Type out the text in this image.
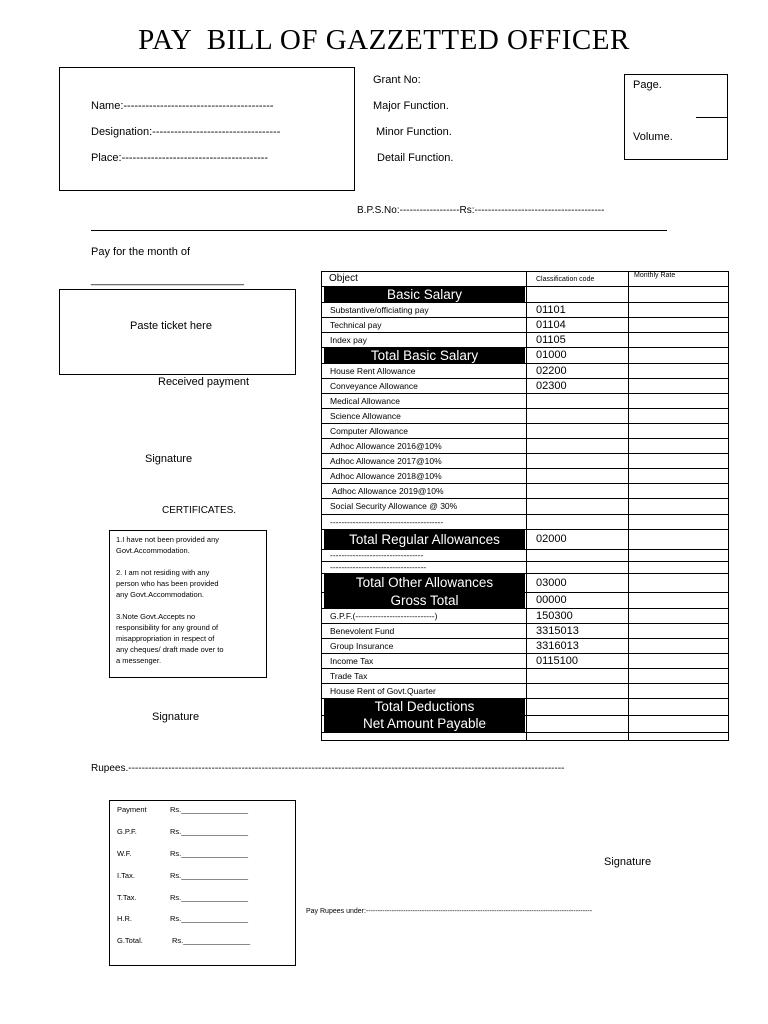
PAY  BILL OF GAZZETTED OFFICER
Name:-----------------------------------------
Designation:-----------------------------------
Place:----------------------------------------
Grant No:
Major Function.
Minor Function.
Detail Function.
Page.
Volume.
B.P.S.No:------------------Rs:---------------------------------------
Pay for the month of
_________________________
Paste ticket here
Received payment
Signature
CERTIFICATES.
1.I have not been provided any
Govt.Accommodation.
2. I am not residing with any
person who has been provided
any Govt.Accommodation.
3.Note Govt.Accepts no
responsibility for any ground of
misappropriation in respect of
any cheques/ draft made over to
a messenger.
Signature
Object	Classification code
Monthly Rate
Basic Salary
Substantive/officiating pay	01101
Technical pay	01104
Index pay	01105
Total Basic Salary	01000
House Rent Allowance	02200
Conveyance Allowance	02300
Medical Allowance
Science Allowance
Computer Allowance
Adhoc Allowance 2016@10%
Adhoc Allowance 2017@10%
Adhoc Allowance 2018@10%
Adhoc Allowance 2019@10%
Social Security Allowance @ 30%
----------------------------------------
Total Regular Allowances	02000
---------------------------------
----------------------------------
Total Other Allowances	03000
Gross Total	00000
G.P.F.(----------------------------)	150300
Benevolent Fund	3315013
Group Insurance	3316013
Income Tax	0115100
Trade Tax
House Rent of Govt.Quarter
Total Deductions
Net Amount Payable
Rupees.-----------------------------------------------------------------------------------------------------------------------------------
Payment	Rs.________________
G.P.F.	Rs.________________
W.F.	Rs.________________
I.Tax.	Rs.________________
T.Tax.	Rs.________________
H.R.	Rs.________________
G.Total.	Rs.________________
Signature
Pay Rupees under:-------------------------------------------------------------------------------------------------
